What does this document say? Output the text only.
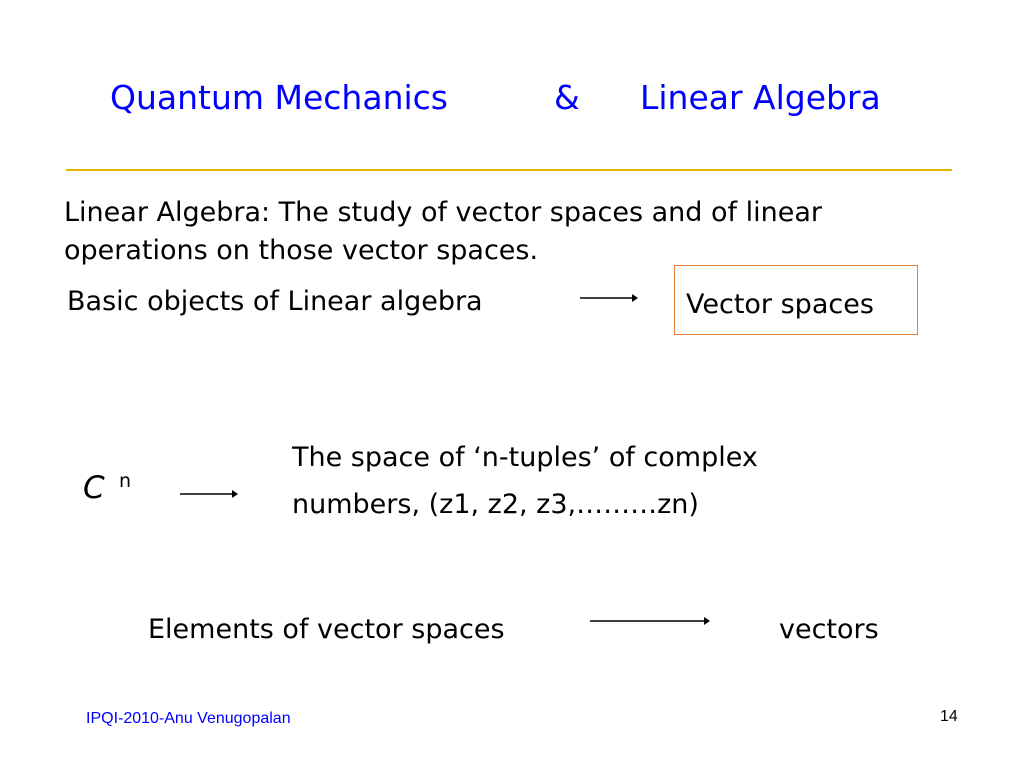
Quantum Mechanics	& Linear Algebra
Linear Algebra: The study of vector spaces and of linear operations on those vector spaces.
Basic objects of Linear algebra	Vector spaces
C n
The space of ‘n-tuples’ of complex
numbers, (z1, z2, z3,………zn)
Elements of vector spaces	vectors
IPQI-2010-Anu Venugopalan	14
